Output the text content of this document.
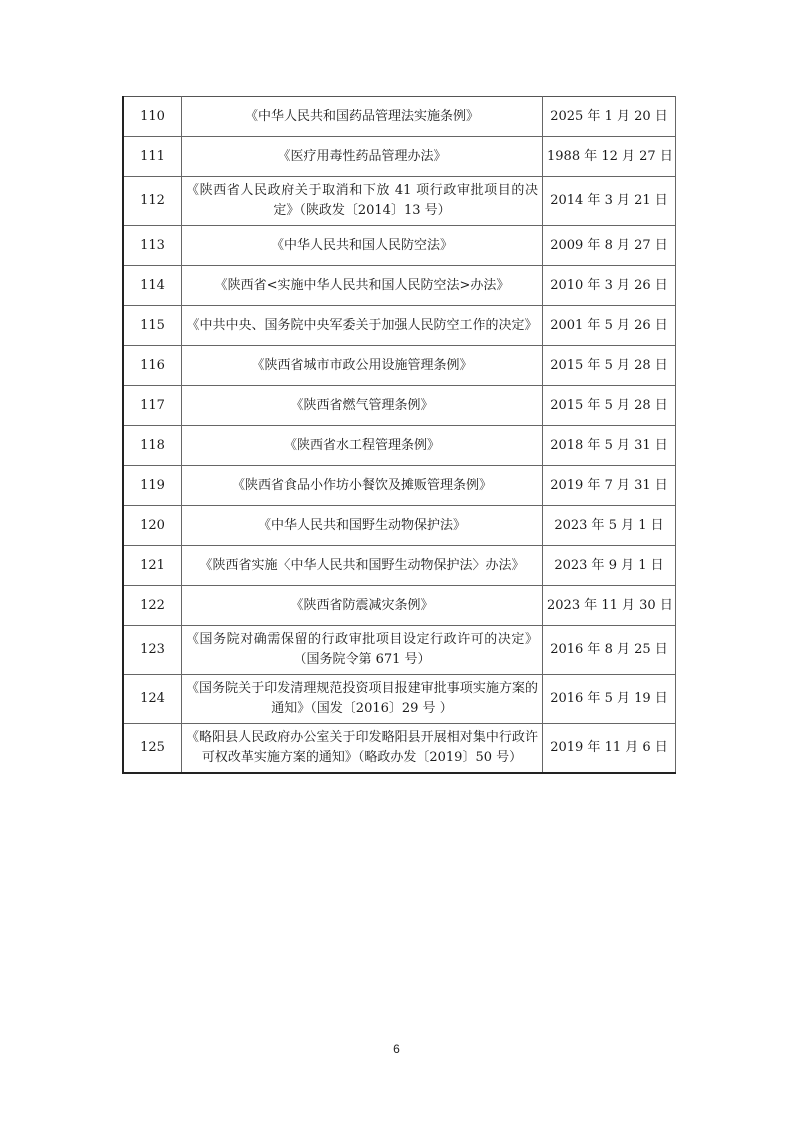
110	《中华人民共和国药品管理法实施条例》	2025 年 1 月 20 日
111	《医疗用毒性药品管理办法》	1988 年 12 月 27 日
112	《陕西省人民政府关于取消和下放 41 项行政审批项目的决定》（陕政发〔2014〕13 号）	2014 年 3 月 21 日
113	《中华人民共和国人民防空法》	2009 年 8 月 27 日
114	《陕西省<实施中华人民共和国人民防空法>办法》	2010 年 3 月 26 日
115	《中共中央、国务院中央军委关于加强人民防空工作的决定》	2001 年 5 月 26 日
116	《陕西省城市市政公用设施管理条例》	2015 年 5 月 28 日
117	《陕西省燃气管理条例》	2015 年 5 月 28 日
118	《陕西省水工程管理条例》	2018 年 5 月 31 日
119	《陕西省食品小作坊小餐饮及摊贩管理条例》	2019 年 7 月 31 日
120	《中华人民共和国野生动物保护法》	2023 年 5 月 1 日
121	《陕西省实施〈中华人民共和国野生动物保护法〉办法》	2023 年 9 月 1 日
122	《陕西省防震减灾条例》	2023 年 11 月 30 日
123	《国务院对确需保留的行政审批项目设定行政许可的决定》（国务院令第 671 号）	2016 年 8 月 25 日
124	《国务院关于印发清理规范投资项目报建审批事项实施方案的通知》（国发〔2016〕29 号 ）	2016 年 5 月 19 日
125	《略阳县人民政府办公室关于印发略阳县开展相对集中行政许可权改革实施方案的通知》（略政办发〔2019〕50 号）	2019 年 11 月 6 日
6
